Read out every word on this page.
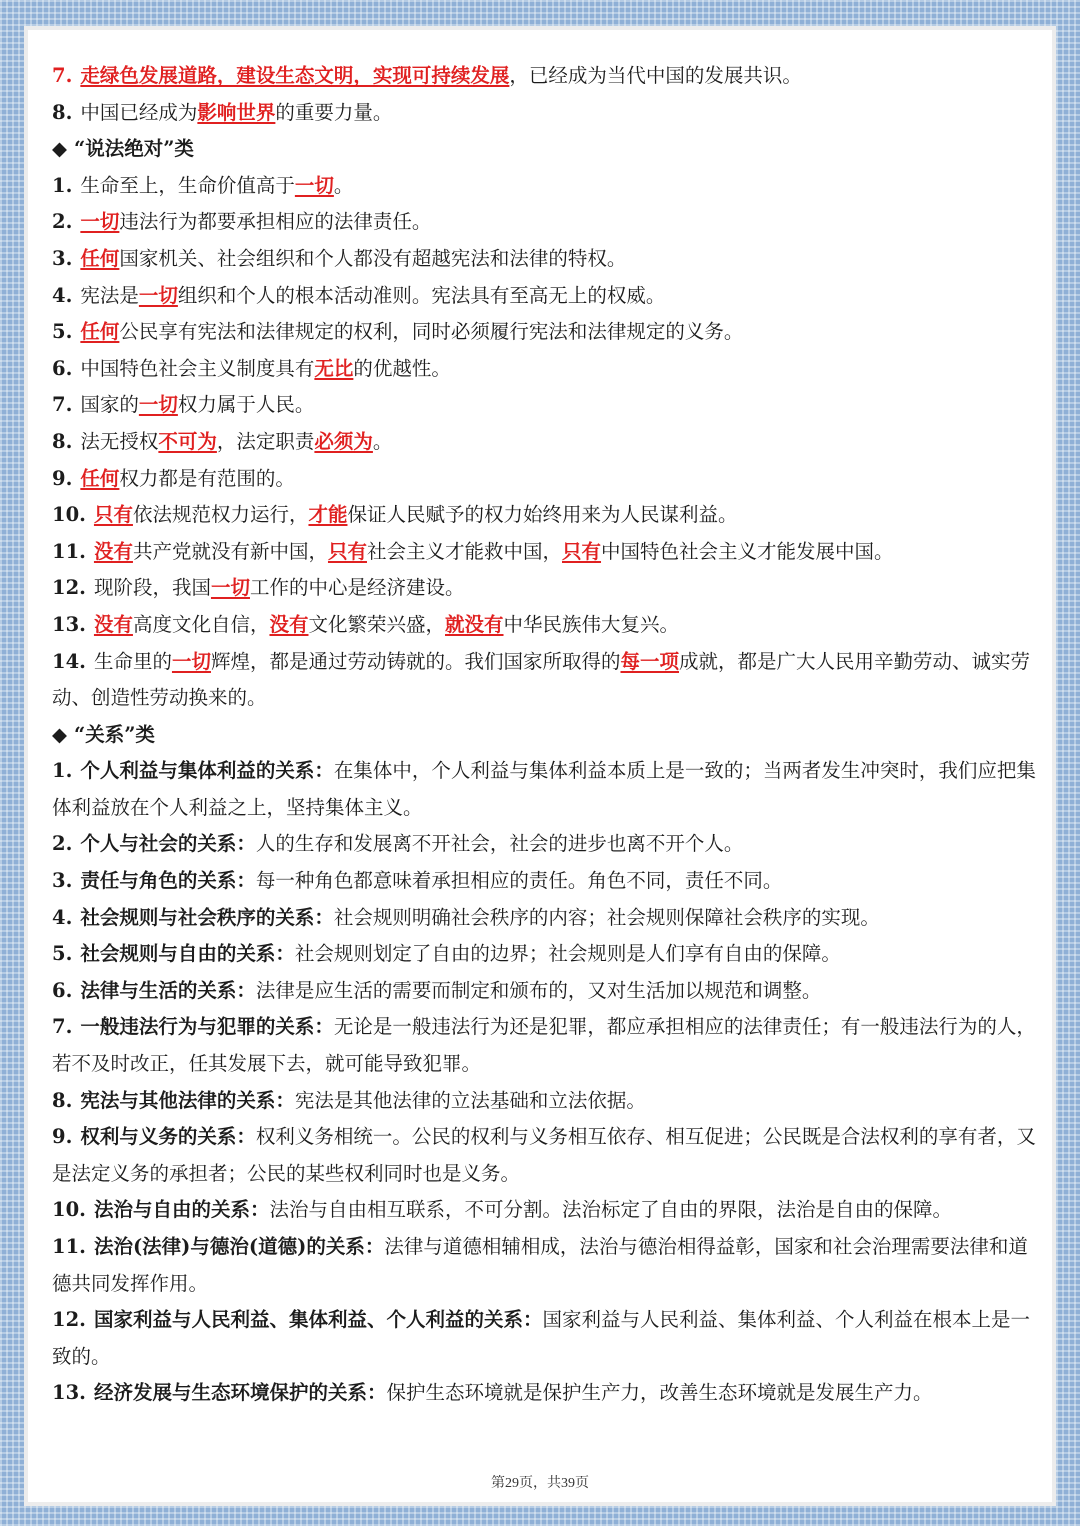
7. 走绿色发展道路，建设生态文明，实现可持续发展，已经成为当代中国的发展共识。
8. 中国已经成为影响世界的重要力量。
◆ “说法绝对”类
1. 生命至上，生命价值高于一切。
2. 一切违法行为都要承担相应的法律责任。
3. 任何国家机关、社会组织和个人都没有超越宪法和法律的特权。
4. 宪法是一切组织和个人的根本活动准则。宪法具有至高无上的权威。
5. 任何公民享有宪法和法律规定的权利，同时必须履行宪法和法律规定的义务。
6. 中国特色社会主义制度具有无比的优越性。
7. 国家的一切权力属于人民。
8. 法无授权不可为，法定职责必须为。
9. 任何权力都是有范围的。
10. 只有依法规范权力运行，才能保证人民赋予的权力始终用来为人民谋利益。
11. 没有共产党就没有新中国，只有社会主义才能救中国，只有中国特色社会主义才能发展中国。
12. 现阶段，我国一切工作的中心是经济建设。
13. 没有高度文化自信，没有文化繁荣兴盛，就没有中华民族伟大复兴。
14. 生命里的一切辉煌，都是通过劳动铸就的。我们国家所取得的每一项成就，都是广大人民用辛勤劳动、诚实劳动、创造性劳动换来的。
◆ “关系”类
1. 个人利益与集体利益的关系：在集体中，个人利益与集体利益本质上是一致的；当两者发生冲突时，我们应把集体利益放在个人利益之上，坚持集体主义。
2. 个人与社会的关系：人的生存和发展离不开社会，社会的进步也离不开个人。
3. 责任与角色的关系：每一种角色都意味着承担相应的责任。角色不同，责任不同。
4. 社会规则与社会秩序的关系：社会规则明确社会秩序的内容；社会规则保障社会秩序的实现。
5. 社会规则与自由的关系：社会规则划定了自由的边界；社会规则是人们享有自由的保障。
6. 法律与生活的关系：法律是应生活的需要而制定和颁布的，又对生活加以规范和调整。
7. 一般违法行为与犯罪的关系：无论是一般违法行为还是犯罪，都应承担相应的法律责任；有一般违法行为的人，若不及时改正，任其发展下去，就可能导致犯罪。
8. 宪法与其他法律的关系：宪法是其他法律的立法基础和立法依据。
9. 权利与义务的关系：权利义务相统一。公民的权利与义务相互依存、相互促进；公民既是合法权利的享有者，又是法定义务的承担者；公民的某些权利同时也是义务。
10. 法治与自由的关系：法治与自由相互联系，不可分割。法治标定了自由的界限，法治是自由的保障。
11. 法治(法律)与德治(道德)的关系：法律与道德相辅相成，法治与德治相得益彰，国家和社会治理需要法律和道德共同发挥作用。
12. 国家利益与人民利益、集体利益、个人利益的关系：国家利益与人民利益、集体利益、个人利益在根本上是一致的。
13. 经济发展与生态环境保护的关系：保护生态环境就是保护生产力，改善生态环境就是发展生产力。
第29页，共39页
